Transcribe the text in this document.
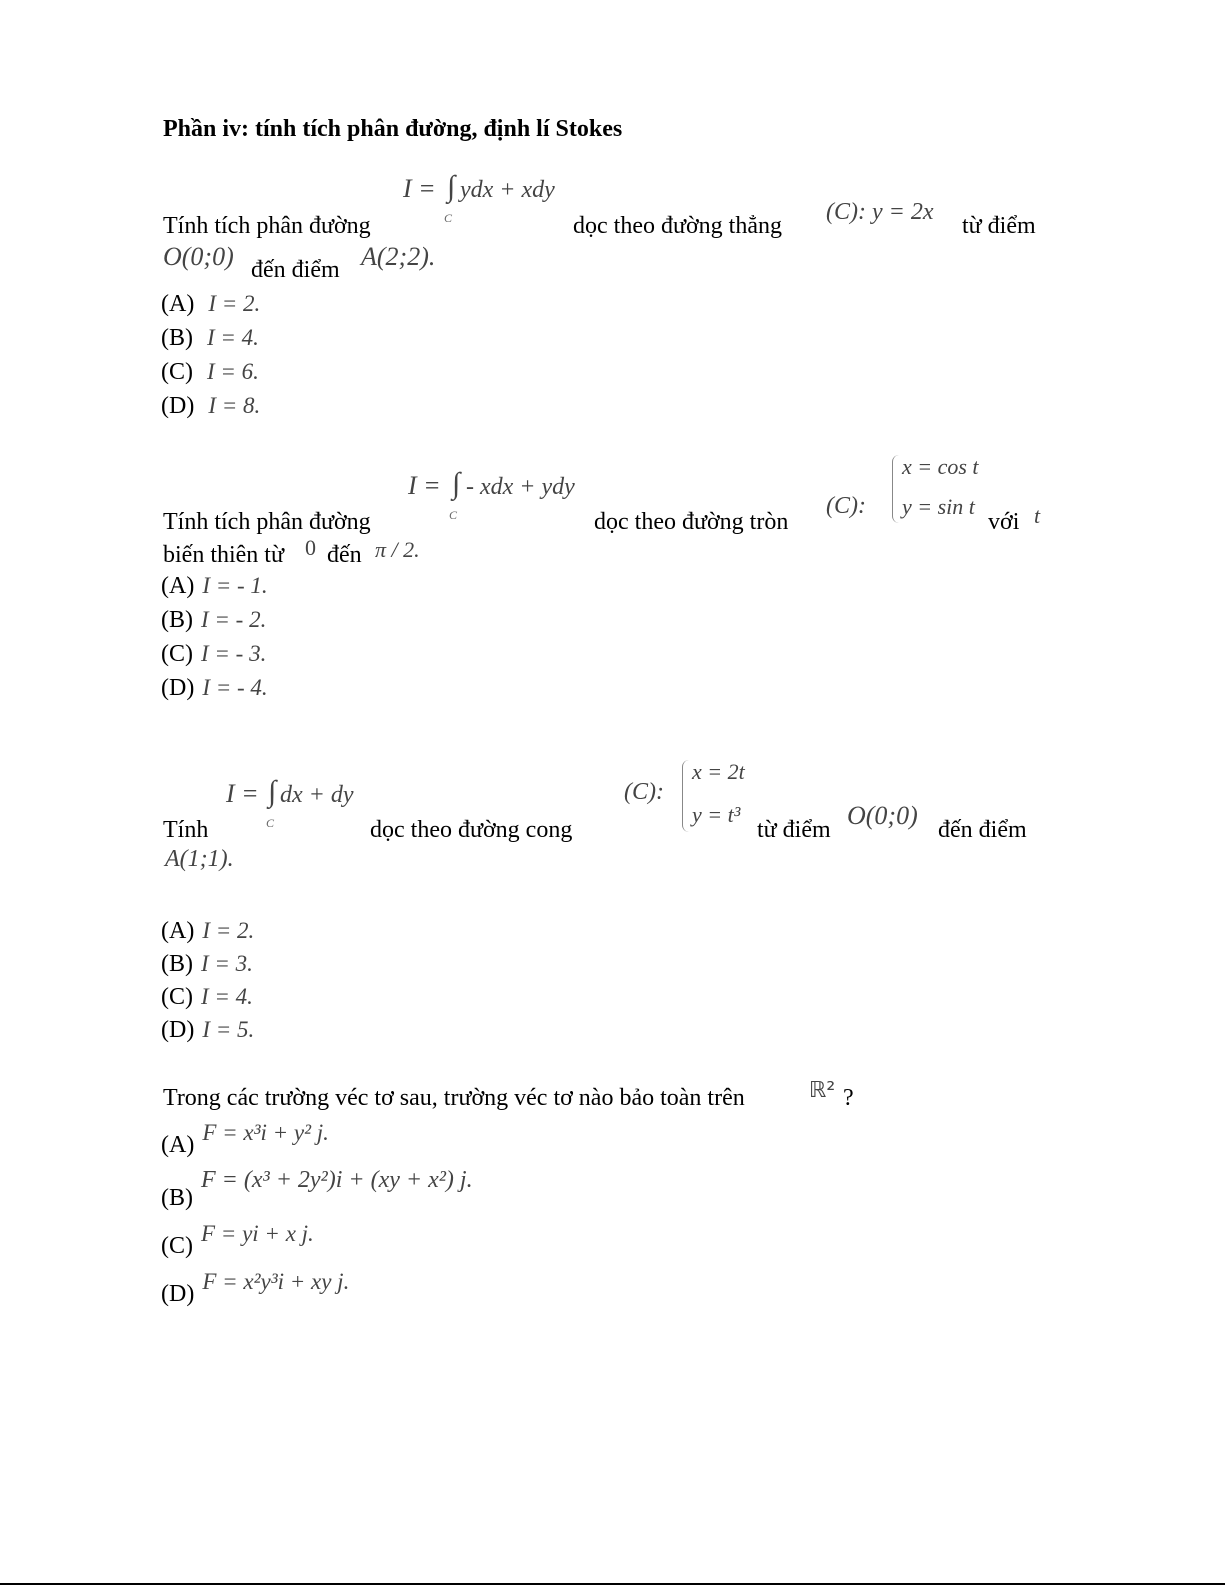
Phần iv: tính tích phân đường, định lí Stokes
Tính tích phân đường
I = ∫
C
ydx + xdy
dọc theo đường thẳng
(C): y = 2x
từ điểm
O(0;0) đến điểm A(2;2).
(A) I = 2.
(B) I = 4.
(C) I = 6.
(D) I = 8.
Tính tích phân đường
I = ∫
C
- xdx + ydy
dọc theo đường tròn
(C):
x = cos t
y = sin t
với t
biến thiên từ 0 đến π / 2.
(A) I = - 1.
(B) I = - 2.
(C) I = - 3.
(D) I = - 4.
Tính
I = ∫
C
dx + dy
dọc theo đường cong
(C):
x = 2t
y = t³
từ điểm O(0;0) đến điểm
A(1;1).
(A) I = 2.
(B) I = 3.
(C) I = 4.
(D) I = 5.
Trong các trường véc tơ sau, trường véc tơ nào bảo toàn trên	ℝ² ?
(A) F = x³i + y² j.
(B) F = (x³ + 2y²)i + (xy + x²) j.
(C) F = yi + x j.
(D) F = x²y³i + xy j.
